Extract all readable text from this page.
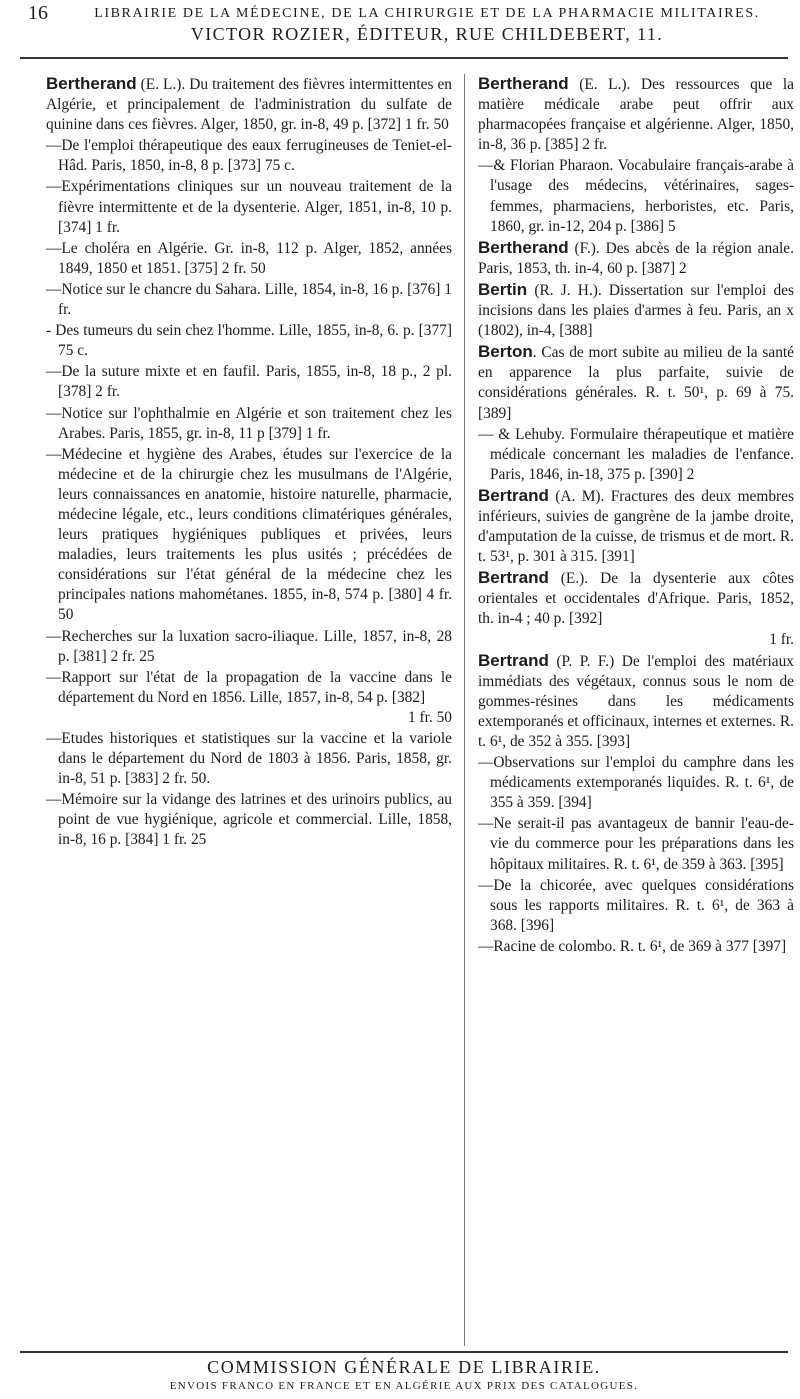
16	LIBRAIRIE DE LA MÉDECINE, DE LA CHIRURGIE ET DE LA PHARMACIE MILITAIRES.
VICTOR ROZIER, ÉDITEUR, RUE CHILDEBERT, 11.
Bertherand (E. L.). Du traitement des fièvres intermittentes en Algérie, et principalement de l'administration du sulfate de quinine dans ces fièvres. Alger, 1850, gr. in-8, 49 p. [372] 1 fr. 50
—De l'emploi thérapeutique des eaux ferrugineuses de Teniet-el-Hâd. Paris, 1850, in-8, 8 p. [373] 75 c.
—Expérimentations cliniques sur un nouveau traitement de la fièvre intermittente et de la dysenterie. Alger, 1851, in-8, 10 p. [374] 1 fr.
—Le choléra en Algérie. Gr. in-8, 112 p. Alger, 1852, années 1849, 1850 et 1851. [375] 2 fr. 50
—Notice sur le chancre du Sahara. Lille, 1854, in-8, 16 p. [376] 1 fr.
- Des tumeurs du sein chez l'homme. Lille, 1855, in-8, 6. p. [377] 75 c.
—De la suture mixte et en faufil. Paris, 1855, in-8, 18 p., 2 pl. [378] 2 fr.
—Notice sur l'ophthalmie en Algérie et son traitement chez les Arabes. Paris, 1855, gr. in-8, 11 p [379] 1 fr.
—Médecine et hygiène des Arabes, études sur l'exercice de la médecine et de la chirurgie chez les musulmans de l'Algérie, leurs connaissances en anatomie, histoire naturelle, pharmacie, médecine légale, etc., leurs conditions climatériques générales, leurs pratiques hygiéniques publiques et privées, leurs maladies, leurs traitements les plus usités ; précédées de considérations sur l'état général de la médecine chez les principales nations mahométanes. 1855, in-8, 574 p. [380] 4 fr. 50
—Recherches sur la luxation sacro-iliaque. Lille, 1857, in-8, 28 p. [381] 2 fr. 25
—Rapport sur l'état de la propagation de la vaccine dans le département du Nord en 1856. Lille, 1857, in-8, 54 p. [382]
1 fr. 50
—Etudes historiques et statistiques sur la vaccine et la variole dans le département du Nord de 1803 à 1856. Paris, 1858, gr. in-8, 51 p. [383] 2 fr. 50.
—Mémoire sur la vidange des latrines et des urinoirs publics, au point de vue hygiénique, agricole et commercial. Lille, 1858, in-8, 16 p. [384] 1 fr. 25
Bertherand (E. L.). Des ressources que la matière médicale arabe peut offrir aux pharmacopées française et algérienne. Alger, 1850, in-8, 36 p. [385] 2 fr.
—& Florian Pharaon. Vocabulaire français-arabe à l'usage des médecins, vétérinaires, sages-femmes, pharmaciens, herboristes, etc. Paris, 1860, gr. in-12, 204 p. [386] 5
Bertherand (F.). Des abcès de la région anale. Paris, 1853, th. in-4, 60 p. [387] 2
Bertin (R. J. H.). Dissertation sur l'emploi des incisions dans les plaies d'armes à feu. Paris, an x (1802), in-4, [388]
Berton. Cas de mort subite au milieu de la santé en apparence la plus parfaite, suivie de considérations générales. R. t. 50¹, p. 69 à 75. [389]
— & Lehuby. Formulaire thérapeutique et matière médicale concernant les maladies de l'enfance. Paris, 1846, in-18, 375 p. [390] 2
Bertrand (A. M). Fractures des deux membres inférieurs, suivies de gangrène de la jambe droite, d'amputation de la cuisse, de trismus et de mort. R. t. 53¹, p. 301 à 315. [391]
Bertrand (E.). De la dysenterie aux côtes orientales et occidentales d'Afrique. Paris, 1852, th. in-4 ; 40 p. [392]
1 fr.
Bertrand (P. P. F.) De l'emploi des matériaux immédiats des végétaux, connus sous le nom de gommes-résines dans les médicaments extemporanés et officinaux, internes et externes. R. t. 6¹, de 352 à 355. [393]
—Observations sur l'emploi du camphre dans les médicaments extemporanés liquides. R. t. 6¹, de 355 à 359. [394]
—Ne serait-il pas avantageux de bannir l'eau-de-vie du commerce pour les préparations dans les hôpitaux militaires. R. t. 6¹, de 359 à 363. [395]
—De la chicorée, avec quelques considérations sous les rapports militaires. R. t. 6¹, de 363 à 368. [396]
—Racine de colombo. R. t. 6¹, de 369 à 377 [397]
COMMISSION GÉNÉRALE DE LIBRAIRIE.
ENVOIS FRANCO EN FRANCE ET EN ALGÉRIE AUX PRIX DES CATALOGUES.
